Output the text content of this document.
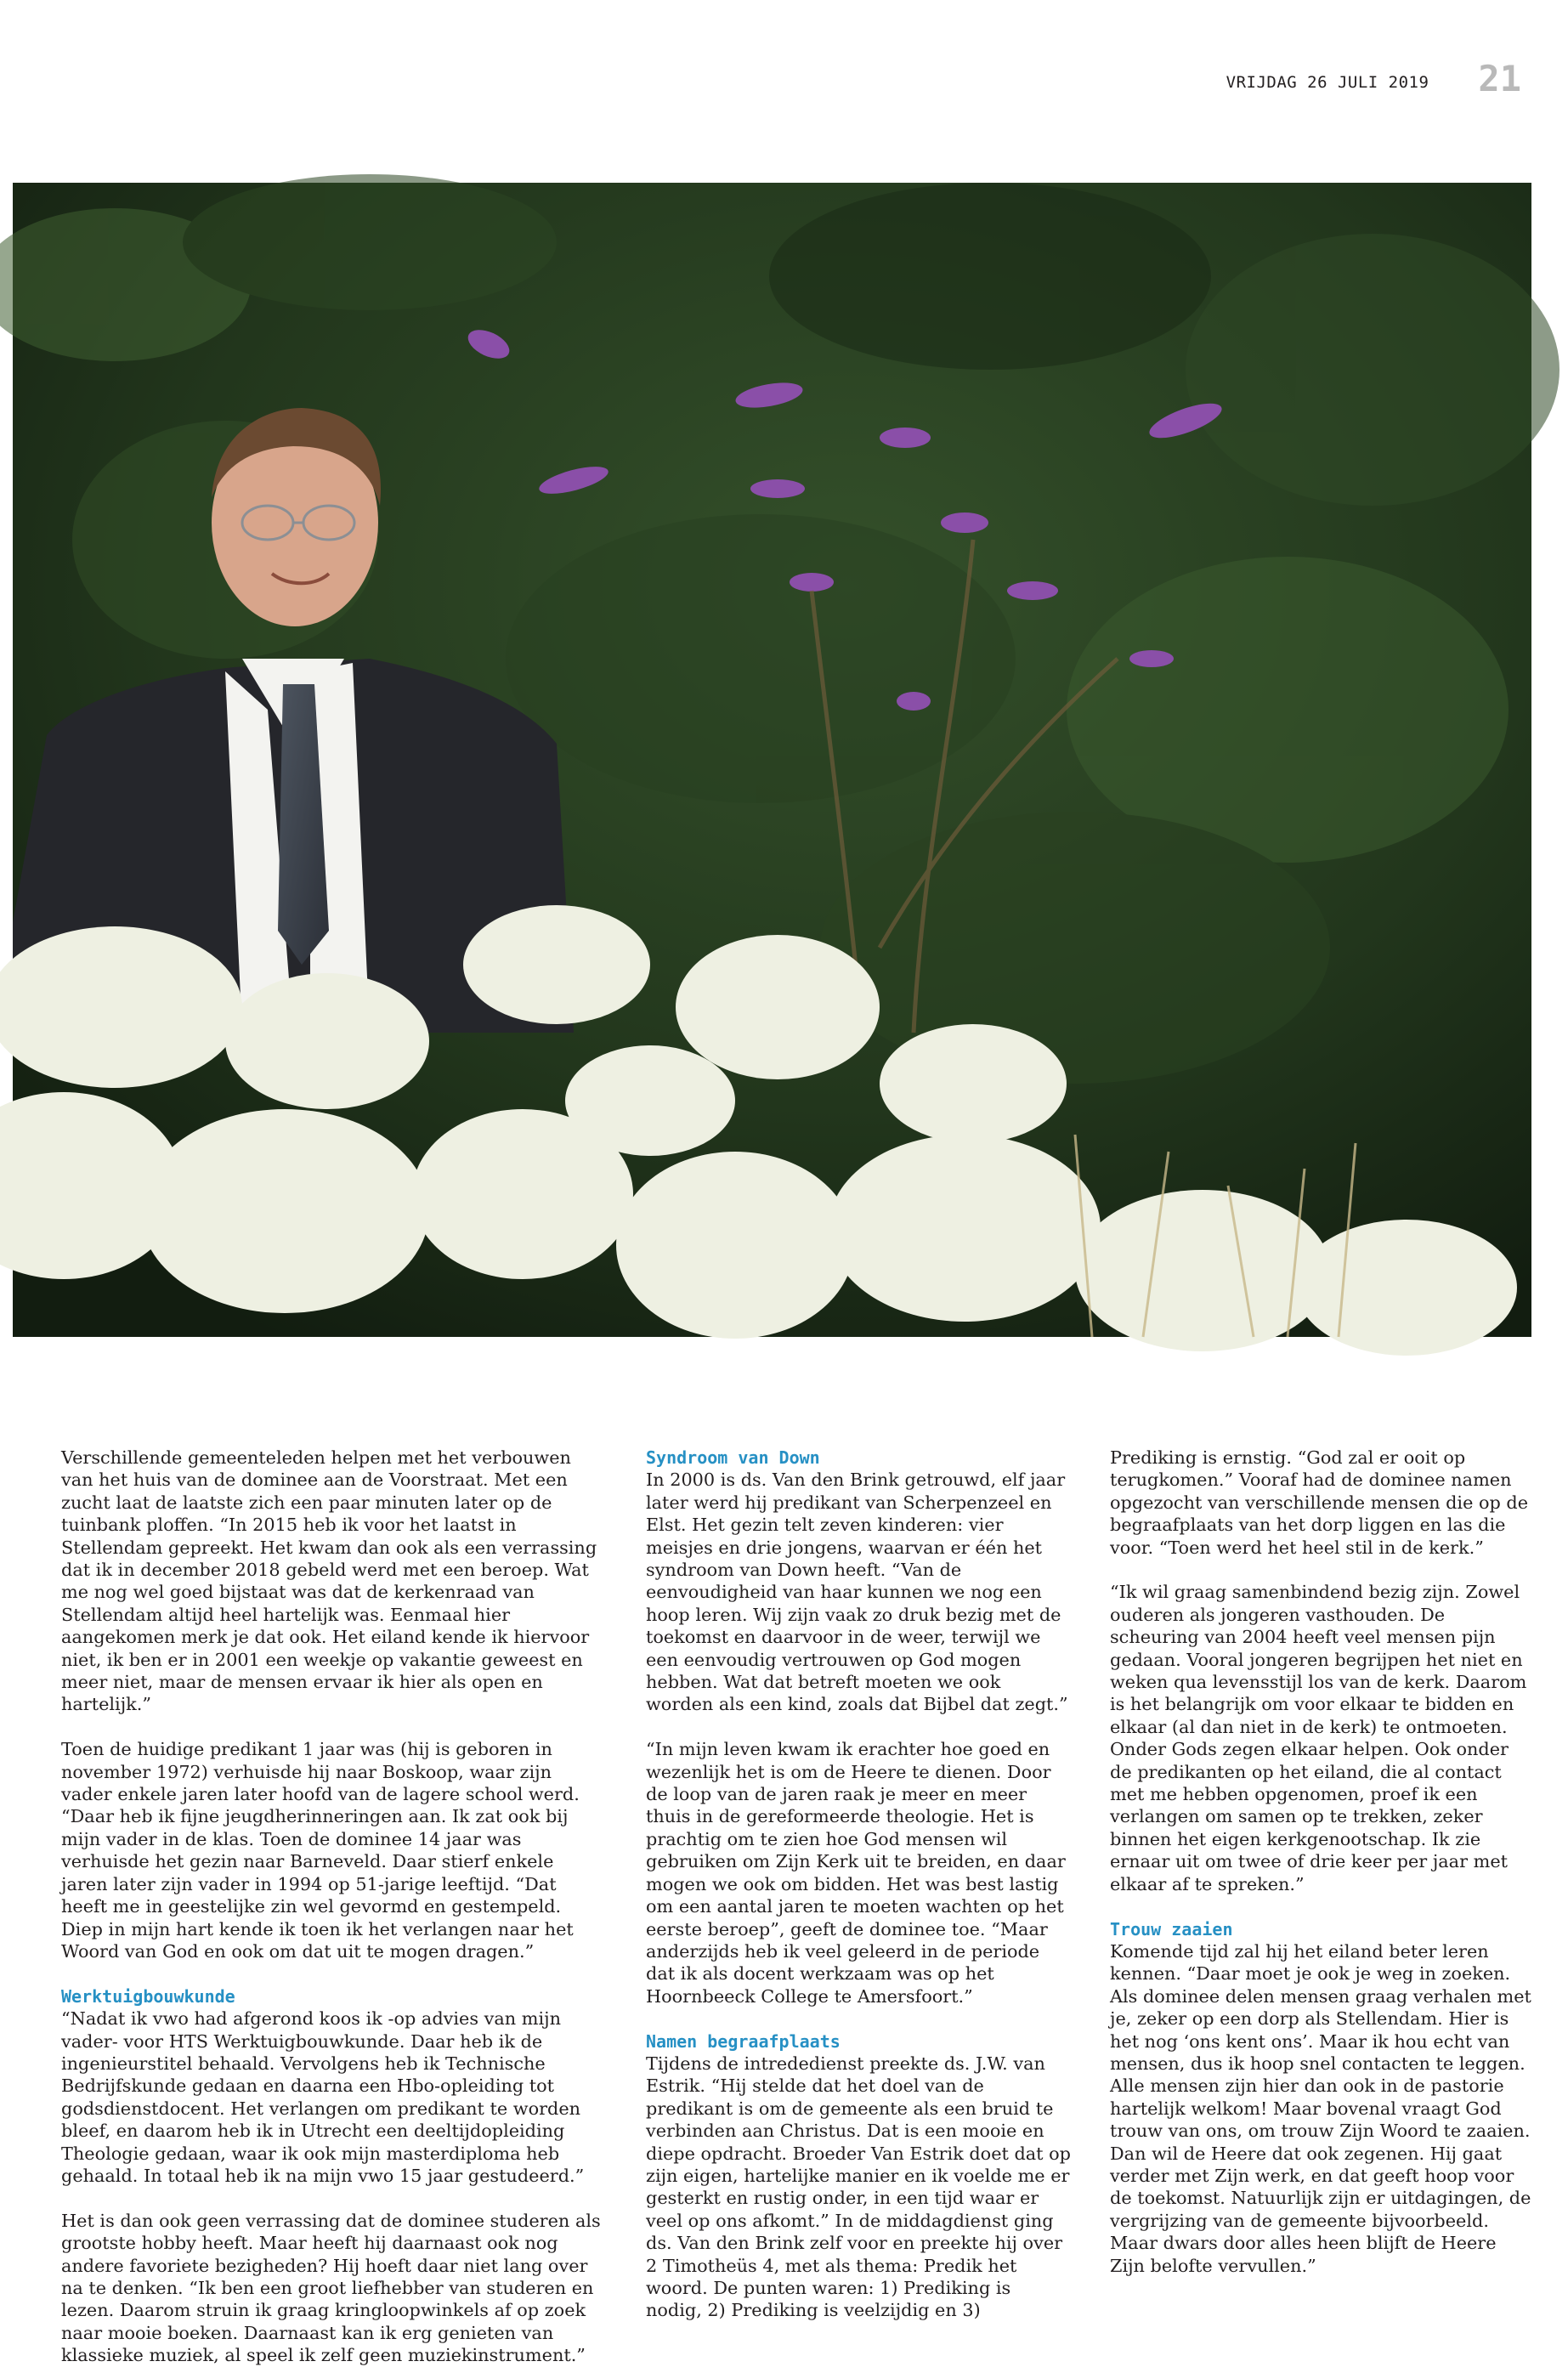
VRIJDAG 26 JULI 2019 21

Verschillende gemeenteleden helpen met het verbouwen van het huis van de dominee aan de Voorstraat. Met een zucht laat de laatste zich een paar minuten later op de tuinbank ploffen. “In 2015 heb ik voor het laatst in Stellendam gepreekt. Het kwam dan ook als een verrassing dat ik in december 2018 gebeld werd met een beroep. Wat me nog wel goed bijstaat was dat de kerkenraad van Stellendam altijd heel hartelijk was. Eenmaal hier aangekomen merk je dat ook. Het eiland kende ik hiervoor niet, ik ben er in 2001 een weekje op vakantie geweest en meer niet, maar de mensen ervaar ik hier als open en hartelijk.”

Toen de huidige predikant 1 jaar was (hij is geboren in november 1972) verhuisde hij naar Boskoop, waar zijn vader enkele jaren later hoofd van de lagere school werd. “Daar heb ik fijne jeugdherinneringen aan. Ik zat ook bij mijn vader in de klas. Toen de dominee 14 jaar was verhuisde het gezin naar Barneveld. Daar stierf enkele jaren later zijn vader in 1994 op 51-jarige leeftijd. “Dat heeft me in geestelijke zin wel gevormd en gestempeld. Diep in mijn hart kende ik toen ik het verlangen naar het Woord van God en ook om dat uit te mogen dragen.”

Werktuigbouwkunde

“Nadat ik vwo had afgerond koos ik -op advies van mijn vader- voor HTS Werktuigbouwkunde. Daar heb ik de ingenieurstitel behaald. Vervolgens heb ik Technische Bedrijfskunde gedaan en daarna een Hbo-opleiding tot godsdienstdocent. Het verlangen om predikant te worden bleef, en daarom heb ik in Utrecht een deeltijdopleiding Theologie gedaan, waar ik ook mijn masterdiploma heb gehaald. In totaal heb ik na mijn vwo 15 jaar gestudeerd.”

Het is dan ook geen verrassing dat de dominee studeren als grootste hobby heeft. Maar heeft hij daarnaast ook nog andere favoriete bezigheden? Hij hoeft daar niet lang over na te denken. “Ik ben een groot liefhebber van studeren en lezen. Daarom struin ik graag kringloopwinkels af op zoek naar mooie boeken. Daarnaast kan ik erg genieten van klassieke muziek, al speel ik zelf geen muziekinstrument.”

Syndroom van Down

In 2000 is ds. Van den Brink getrouwd, elf jaar later werd hij predikant van Scherpenzeel en Elst. Het gezin telt zeven kinderen: vier meisjes en drie jongens, waarvan er één het syndroom van Down heeft. “Van de eenvoudigheid van haar kunnen we nog een hoop leren. Wij zijn vaak zo druk bezig met de toekomst en daarvoor in de weer, terwijl we een eenvoudig vertrouwen op God mogen hebben. Wat dat betreft moeten we ook worden als een kind, zoals dat Bijbel dat zegt.”

“In mijn leven kwam ik erachter hoe goed en wezenlijk het is om de Heere te dienen. Door de loop van de jaren raak je meer en meer thuis in de gereformeerde theologie. Het is prachtig om te zien hoe God mensen wil gebruiken om Zijn Kerk uit te breiden, en daar mogen we ook om bidden. Het was best lastig om een aantal jaren te moeten wachten op het eerste beroep”, geeft de dominee toe. “Maar anderzijds heb ik veel geleerd in de periode dat ik als docent werkzaam was op het Hoornbeeck College te Amersfoort.”

Namen begraafplaats

Tijdens de intrededienst preekte ds. J.W. van Estrik. “Hij stelde dat het doel van de predikant is om de gemeente als een bruid te verbinden aan Christus. Dat is een mooie en diepe opdracht. Broeder Van Estrik doet dat op zijn eigen, hartelijke manier en ik voelde me er gesterkt en rustig onder, in een tijd waar er veel op ons afkomt.” In de middagdienst ging ds. Van den Brink zelf voor en preekte hij over 2 Timotheüs 4, met als thema: Predik het woord. De punten waren: 1) Prediking is nodig, 2) Prediking is veelzijdig en 3)

Prediking is ernstig. “God zal er ooit op terugkomen.” Vooraf had de dominee namen opgezocht van verschillende mensen die op de begraafplaats van het dorp liggen en las die voor. “Toen werd het heel stil in de kerk.”

“Ik wil graag samenbindend bezig zijn. Zowel ouderen als jongeren vasthouden. De scheuring van 2004 heeft veel mensen pijn gedaan. Vooral jongeren begrijpen het niet en weken qua levensstijl los van de kerk. Daarom is het belangrijk om voor elkaar te bidden en elkaar (al dan niet in de kerk) te ontmoeten. Onder Gods zegen elkaar helpen. Ook onder de predikanten op het eiland, die al contact met me hebben opgenomen, proef ik een verlangen om samen op te trekken, zeker binnen het eigen kerkgenootschap. Ik zie ernaar uit om twee of drie keer per jaar met elkaar af te spreken.”

Trouw zaaien

Komende tijd zal hij het eiland beter leren kennen. “Daar moet je ook je weg in zoeken. Als dominee delen mensen graag verhalen met je, zeker op een dorp als Stellendam. Hier is het nog ‘ons kent ons’. Maar ik hou echt van mensen, dus ik hoop snel contacten te leggen. Alle mensen zijn hier dan ook in de pastorie hartelijk welkom! Maar bovenal vraagt God trouw van ons, om trouw Zijn Woord te zaaien. Dan wil de Heere dat ook zegenen. Hij gaat verder met Zijn werk, en dat geeft hoop voor de toekomst. Natuurlijk zijn er uitdagingen, de vergrijzing van de gemeente bijvoorbeeld. Maar dwars door alles heen blijft de Heere Zijn belofte vervullen.”
